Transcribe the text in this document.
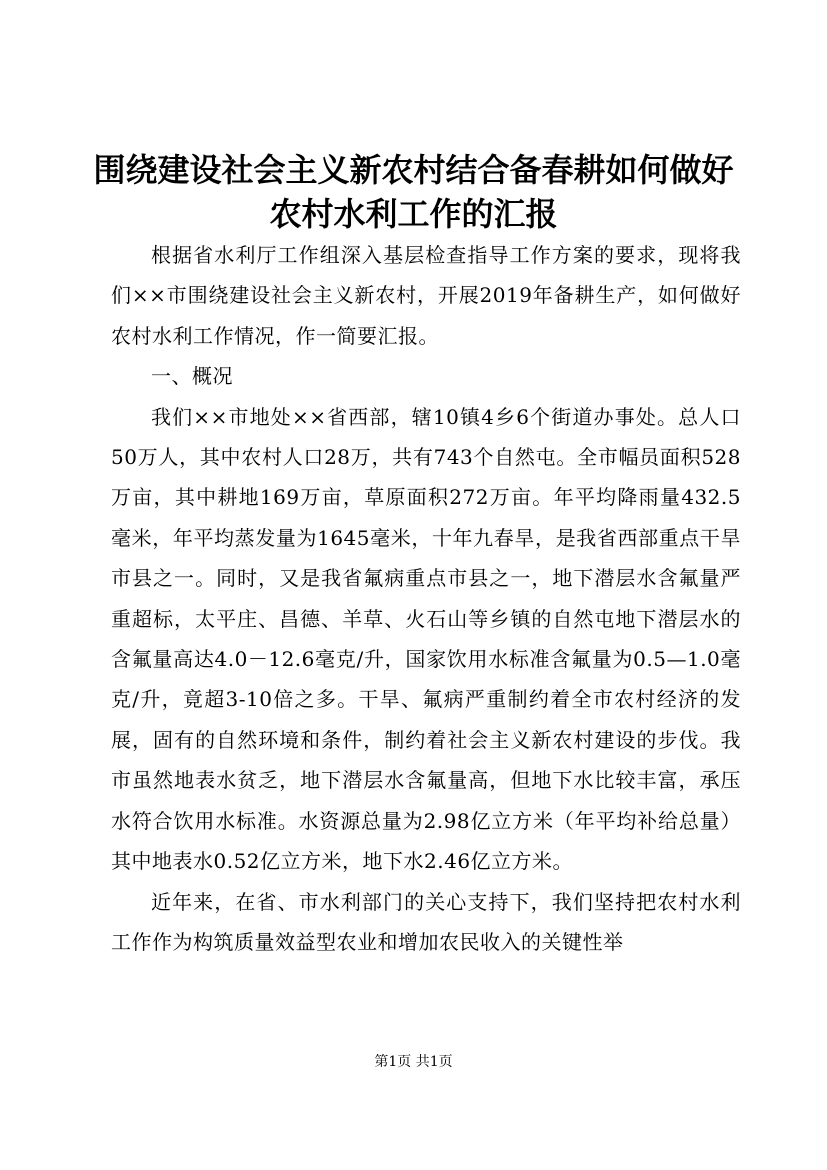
围绕建设社会主义新农村结合备春耕如何做好
农村水利工作的汇报

根据省水利厅工作组深入基层检查指导工作方案的要求，现将我们××市围绕建设社会主义新农村，开展2019年备耕生产，如何做好农村水利工作情况，作一简要汇报。

一、概况

我们××市地处××省西部，辖10镇4乡6个街道办事处。总人口50万人，其中农村人口28万，共有743个自然屯。全市幅员面积528万亩，其中耕地169万亩，草原面积272万亩。年平均降雨量432.5毫米，年平均蒸发量为1645毫米，十年九春旱，是我省西部重点干旱市县之一。同时，又是我省氟病重点市县之一，地下潜层水含氟量严重超标，太平庄、昌德、羊草、火石山等乡镇的自然屯地下潜层水的含氟量高达4.0－12.6毫克/升，国家饮用水标准含氟量为0.5—1.0毫克/升，竟超3-10倍之多。干旱、氟病严重制约着全市农村经济的发展，固有的自然环境和条件，制约着社会主义新农村建设的步伐。我市虽然地表水贫乏，地下潜层水含氟量高，但地下水比较丰富，承压水符合饮用水标准。水资源总量为2.98亿立方米（年平均补给总量）其中地表水0.52亿立方米，地下水2.46亿立方米。

近年来，在省、市水利部门的关心支持下，我们坚持把农村水利工作作为构筑质量效益型农业和增加农民收入的关键性举

第1页 共1页
